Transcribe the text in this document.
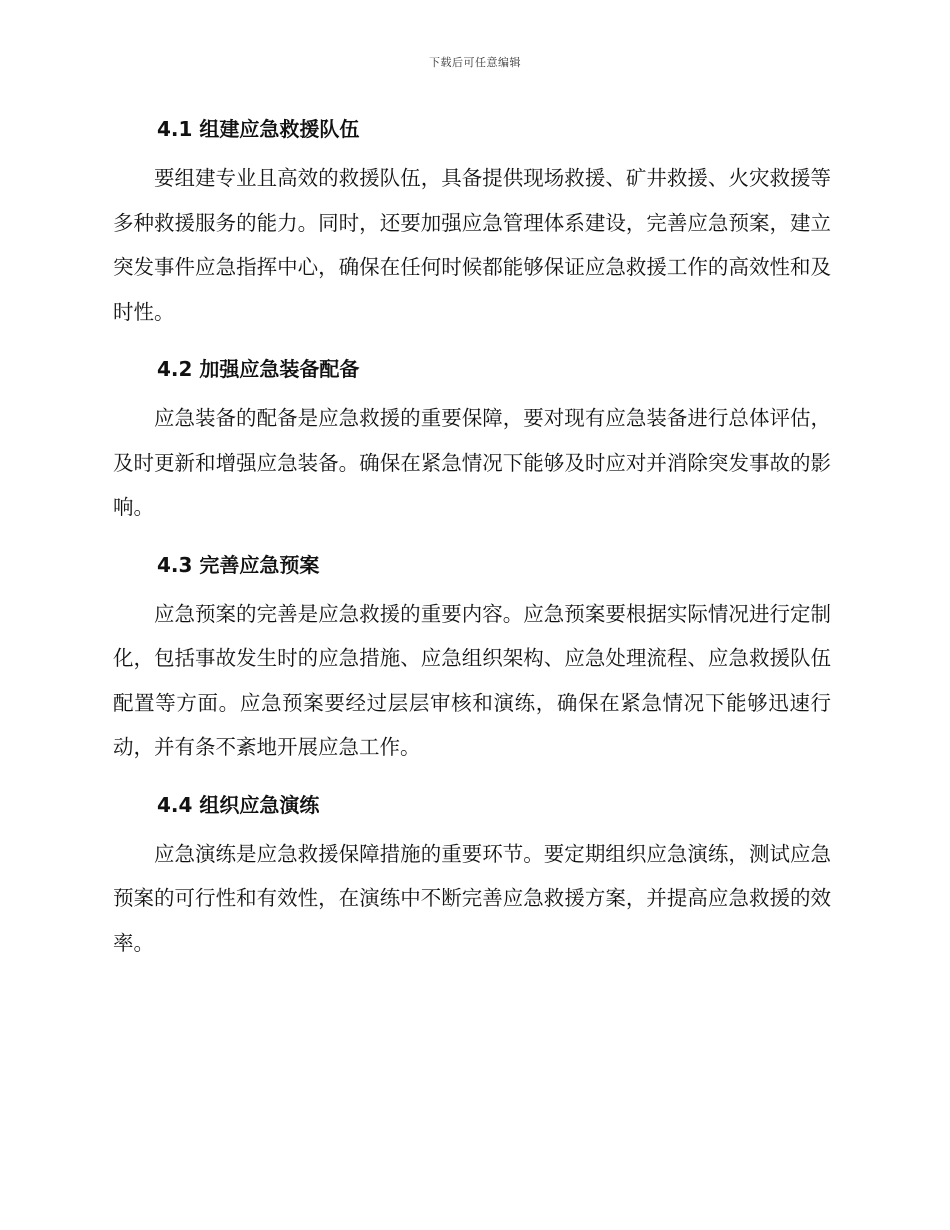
下载后可任意编辑
4.1 组建应急救援队伍

要组建专业且高效的救援队伍，具备提供现场救援、矿井救援、火灾救援等多种救援服务的能力。同时，还要加强应急管理体系建设，完善应急预案，建立突发事件应急指挥中心，确保在任何时候都能够保证应急救援工作的高效性和及时性。

4.2 加强应急装备配备

应急装备的配备是应急救援的重要保障，要对现有应急装备进行总体评估，及时更新和增强应急装备。确保在紧急情况下能够及时应对并消除突发事故的影响。

4.3 完善应急预案

应急预案的完善是应急救援的重要内容。应急预案要根据实际情况进行定制化，包括事故发生时的应急措施、应急组织架构、应急处理流程、应急救援队伍配置等方面。应急预案要经过层层审核和演练，确保在紧急情况下能够迅速行动，并有条不紊地开展应急工作。

4.4 组织应急演练

应急演练是应急救援保障措施的重要环节。要定期组织应急演练，测试应急预案的可行性和有效性，在演练中不断完善应急救援方案，并提高应急救援的效率。
